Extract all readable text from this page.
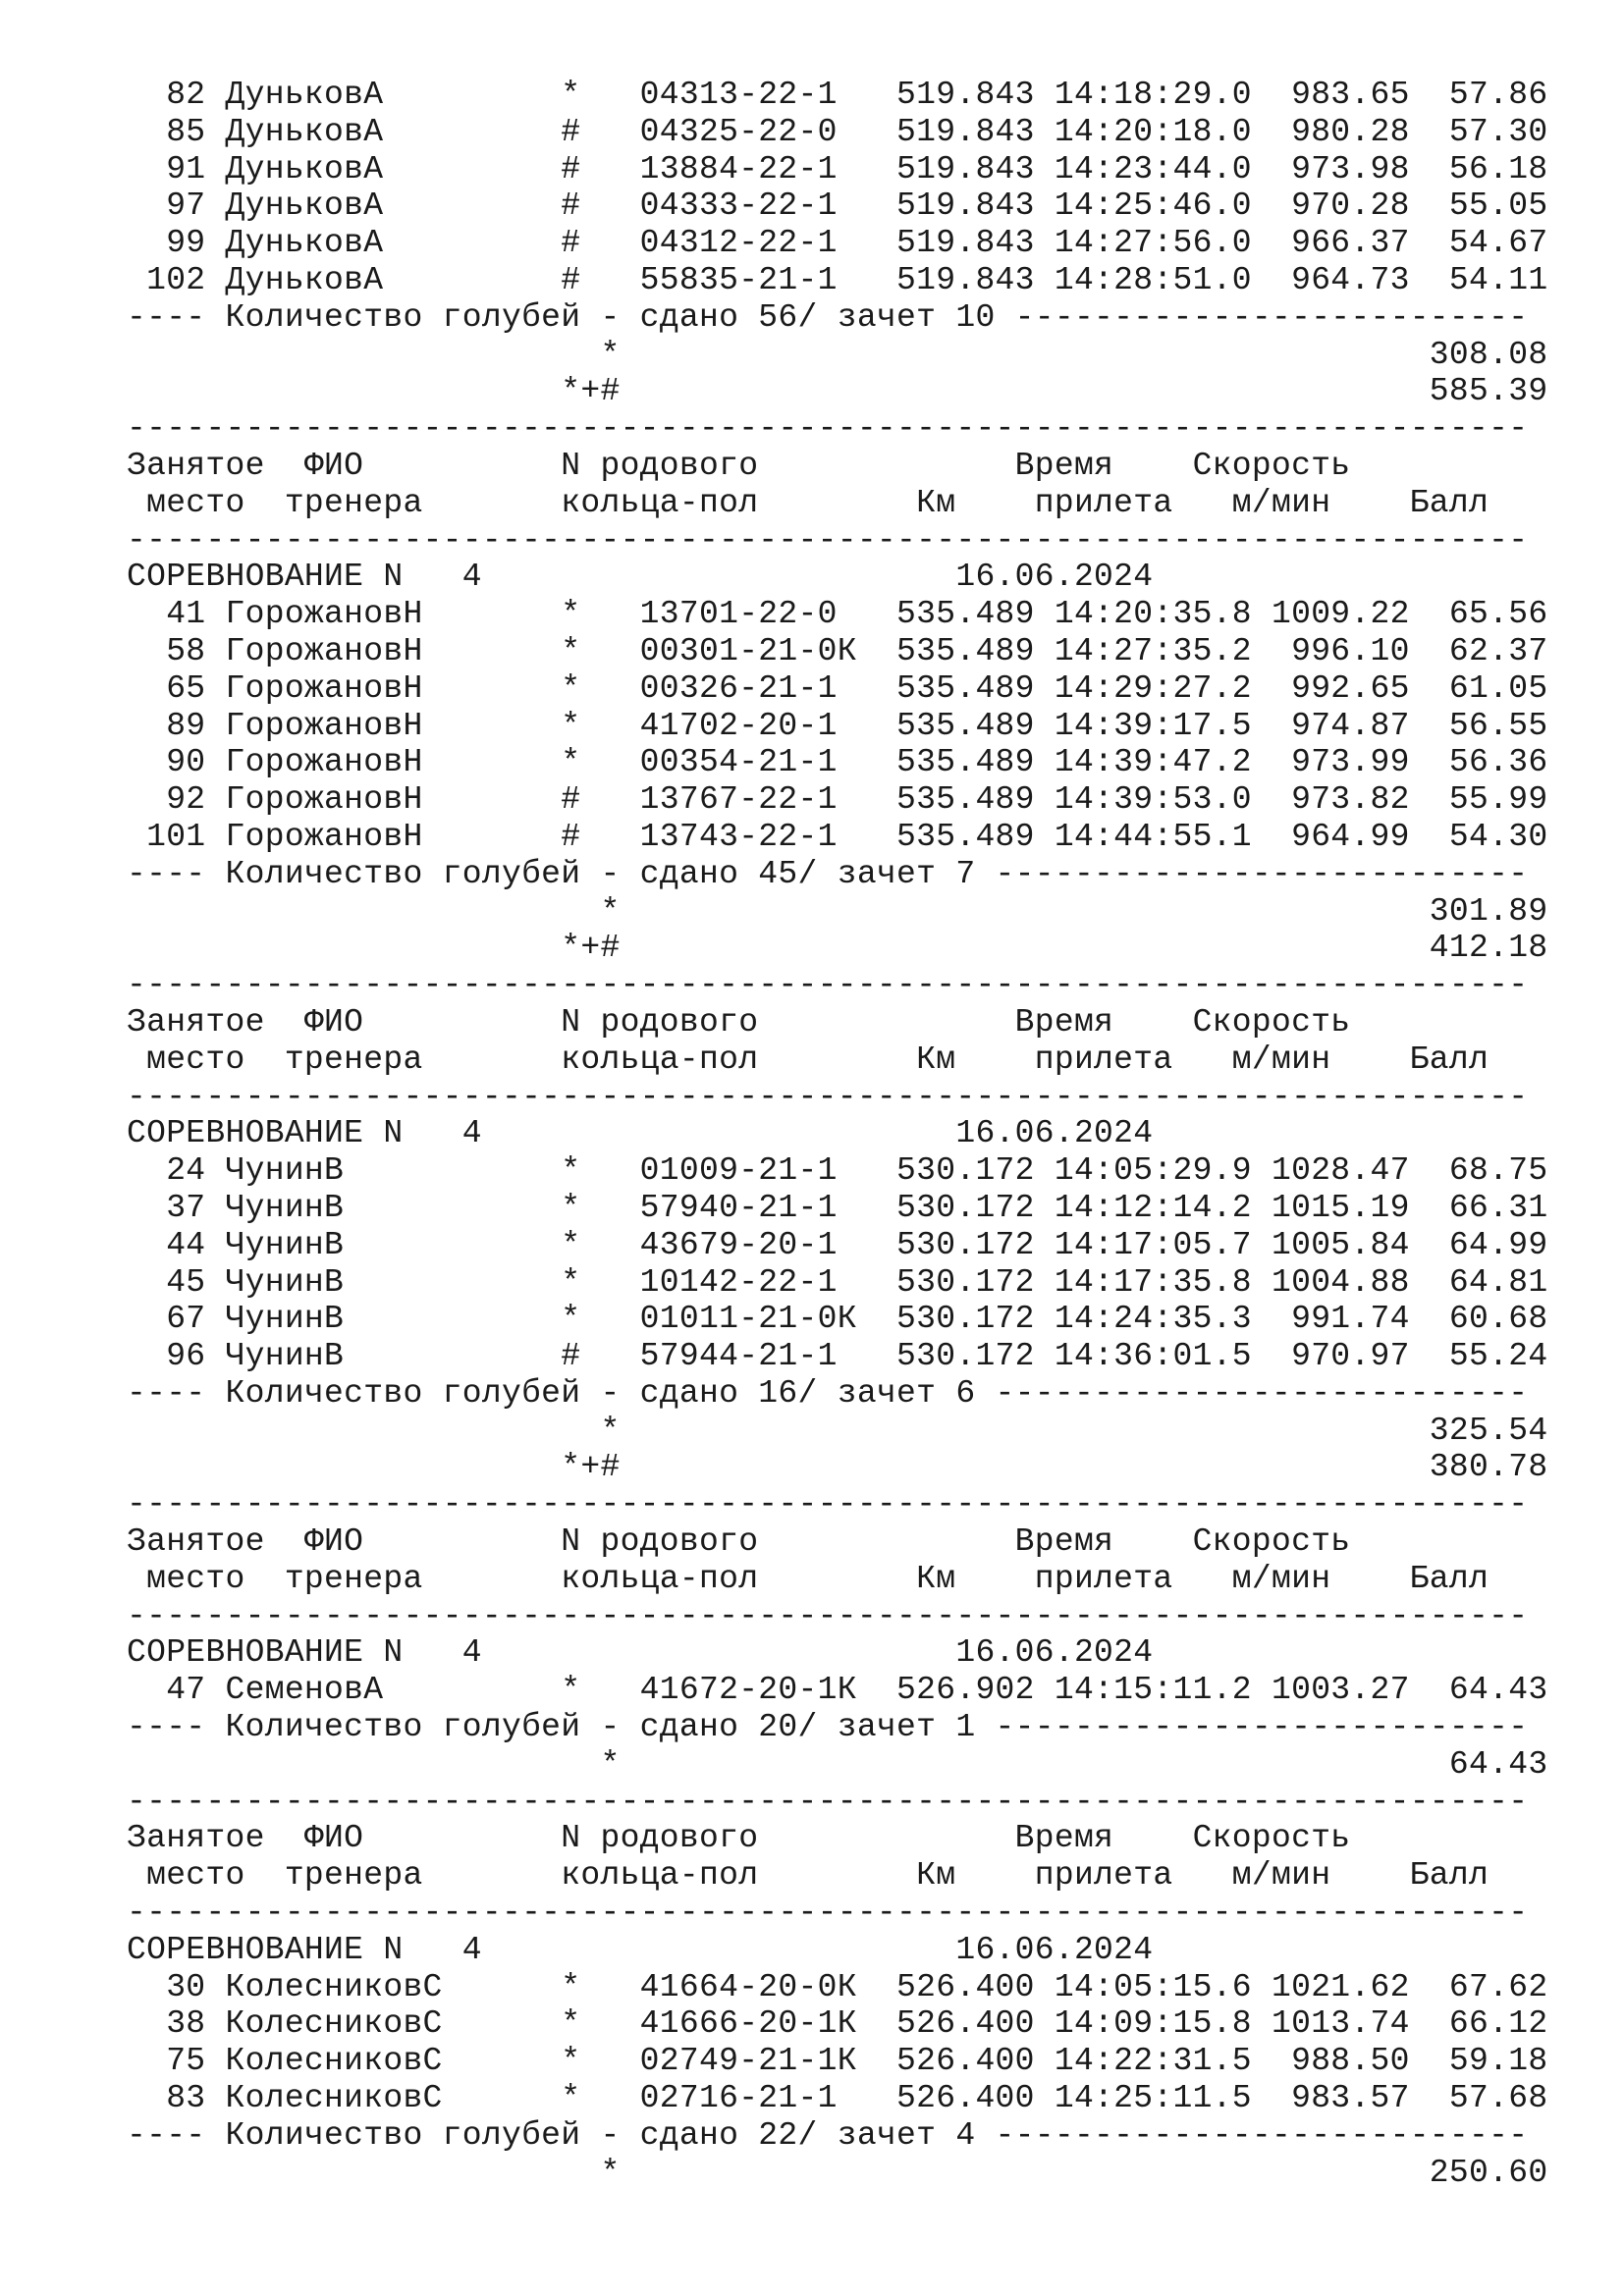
82 ДуньковА         *   04313-22-1   519.843 14:18:29.0  983.65  57.86
85 ДуньковА         #   04325-22-0   519.843 14:20:18.0  980.28  57.30
91 ДуньковА         #   13884-22-1   519.843 14:23:44.0  973.98  56.18
97 ДуньковА         #   04333-22-1   519.843 14:25:46.0  970.28  55.05
99 ДуньковА         #   04312-22-1   519.843 14:27:56.0  966.37  54.67
102 ДуньковА         #   55835-21-1   519.843 14:28:51.0  964.73  54.11
---- Количество голубей - сдано 56/ зачет 10 --------------------------
*                                         308.08
*+#                                         585.39
-----------------------------------------------------------------------
Занятое  ФИО          N родового             Время    Скорость
место  тренера       кольца-пол        Км    прилета   м/мин    Балл
-----------------------------------------------------------------------
СОРЕВНОВАНИЕ N   4                        16.06.2024
41 ГорожановН       *   13701-22-0   535.489 14:20:35.8 1009.22  65.56
58 ГорожановН       *   00301-21-0К  535.489 14:27:35.2  996.10  62.37
65 ГорожановН       *   00326-21-1   535.489 14:29:27.2  992.65  61.05
89 ГорожановН       *   41702-20-1   535.489 14:39:17.5  974.87  56.55
90 ГорожановН       *   00354-21-1   535.489 14:39:47.2  973.99  56.36
92 ГорожановН       #   13767-22-1   535.489 14:39:53.0  973.82  55.99
101 ГорожановН       #   13743-22-1   535.489 14:44:55.1  964.99  54.30
---- Количество голубей - сдано 45/ зачет 7 ---------------------------
*                                         301.89
*+#                                         412.18
-----------------------------------------------------------------------
Занятое  ФИО          N родового             Время    Скорость
место  тренера       кольца-пол        Км    прилета   м/мин    Балл
-----------------------------------------------------------------------
СОРЕВНОВАНИЕ N   4                        16.06.2024
24 ЧунинВ           *   01009-21-1   530.172 14:05:29.9 1028.47  68.75
37 ЧунинВ           *   57940-21-1   530.172 14:12:14.2 1015.19  66.31
44 ЧунинВ           *   43679-20-1   530.172 14:17:05.7 1005.84  64.99
45 ЧунинВ           *   10142-22-1   530.172 14:17:35.8 1004.88  64.81
67 ЧунинВ           *   01011-21-0К  530.172 14:24:35.3  991.74  60.68
96 ЧунинВ           #   57944-21-1   530.172 14:36:01.5  970.97  55.24
---- Количество голубей - сдано 16/ зачет 6 ---------------------------
*                                         325.54
*+#                                         380.78
-----------------------------------------------------------------------
Занятое  ФИО          N родового             Время    Скорость
место  тренера       кольца-пол        Км    прилета   м/мин    Балл
-----------------------------------------------------------------------
СОРЕВНОВАНИЕ N   4                        16.06.2024
47 СеменовА         *   41672-20-1К  526.902 14:15:11.2 1003.27  64.43
---- Количество голубей - сдано 20/ зачет 1 ---------------------------
*                                          64.43
-----------------------------------------------------------------------
Занятое  ФИО          N родового             Время    Скорость
место  тренера       кольца-пол        Км    прилета   м/мин    Балл
-----------------------------------------------------------------------
СОРЕВНОВАНИЕ N   4                        16.06.2024
30 КолесниковС      *   41664-20-0К  526.400 14:05:15.6 1021.62  67.62
38 КолесниковС      *   41666-20-1К  526.400 14:09:15.8 1013.74  66.12
75 КолесниковС      *   02749-21-1К  526.400 14:22:31.5  988.50  59.18
83 КолесниковС      *   02716-21-1   526.400 14:25:11.5  983.57  57.68
---- Количество голубей - сдано 22/ зачет 4 ---------------------------
*                                         250.60
